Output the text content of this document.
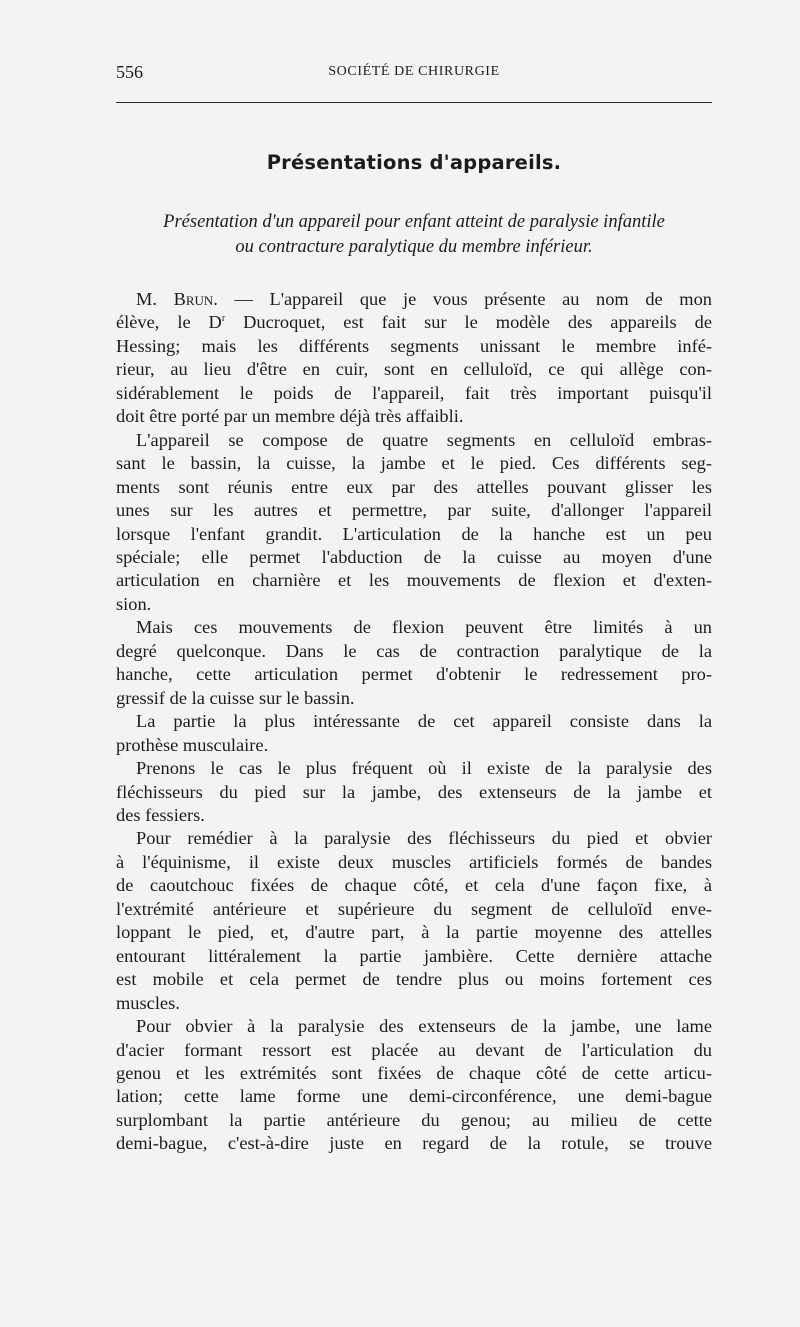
556	SOCIÉTÉ DE CHIRURGIE
Présentations d'appareils.
Présentation d'un appareil pour enfant atteint de paralysie infantile
ou contracture paralytique du membre inférieur.
M. Brun. — L'appareil que je vous présente au nom de mon
élève, le $D^r$ Ducroquet, est fait sur le modèle des appareils de
Hessing; mais les différents segments unissant le membre infé-
rieur, au lieu d'être en cuir, sont en celluloïd, ce qui allège con-
sidérablement le poids de l'appareil, fait très important puisqu'il
doit être porté par un membre déjà très affaibli.
L'appareil se compose de quatre segments en celluloïd embras-
sant le bassin, la cuisse, la jambe et le pied. Ces différents seg-
ments sont réunis entre eux par des attelles pouvant glisser les
unes sur les autres et permettre, par suite, d'allonger l'appareil
lorsque l'enfant grandit. L'articulation de la hanche est un peu
spéciale; elle permet l'abduction de la cuisse au moyen d'une
articulation en charnière et les mouvements de flexion et d'exten-
sion.
Mais ces mouvements de flexion peuvent être limités à un
degré quelconque. Dans le cas de contraction paralytique de la
hanche, cette articulation permet d'obtenir le redressement pro-
gressif de la cuisse sur le bassin.
La partie la plus intéressante de cet appareil consiste dans la
prothèse musculaire.
Prenons le cas le plus fréquent où il existe de la paralysie des
fléchisseurs du pied sur la jambe, des extenseurs de la jambe et
des fessiers.
Pour remédier à la paralysie des fléchisseurs du pied et obvier
à l'équinisme, il existe deux muscles artificiels formés de bandes
de caoutchouc fixées de chaque côté, et cela d'une façon fixe, à
l'extrémité antérieure et supérieure du segment de celluloïd enve-
loppant le pied, et, d'autre part, à la partie moyenne des attelles
entourant littéralement la partie jambière. Cette dernière attache
est mobile et cela permet de tendre plus ou moins fortement ces
muscles.
Pour obvier à la paralysie des extenseurs de la jambe, une lame
d'acier formant ressort est placée au devant de l'articulation du
genou et les extrémités sont fixées de chaque côté de cette articu-
lation; cette lame forme une demi-circonférence, une demi-bague
surplombant la partie antérieure du genou; au milieu de cette
demi-bague, c'est-à-dire juste en regard de la rotule, se trouve
